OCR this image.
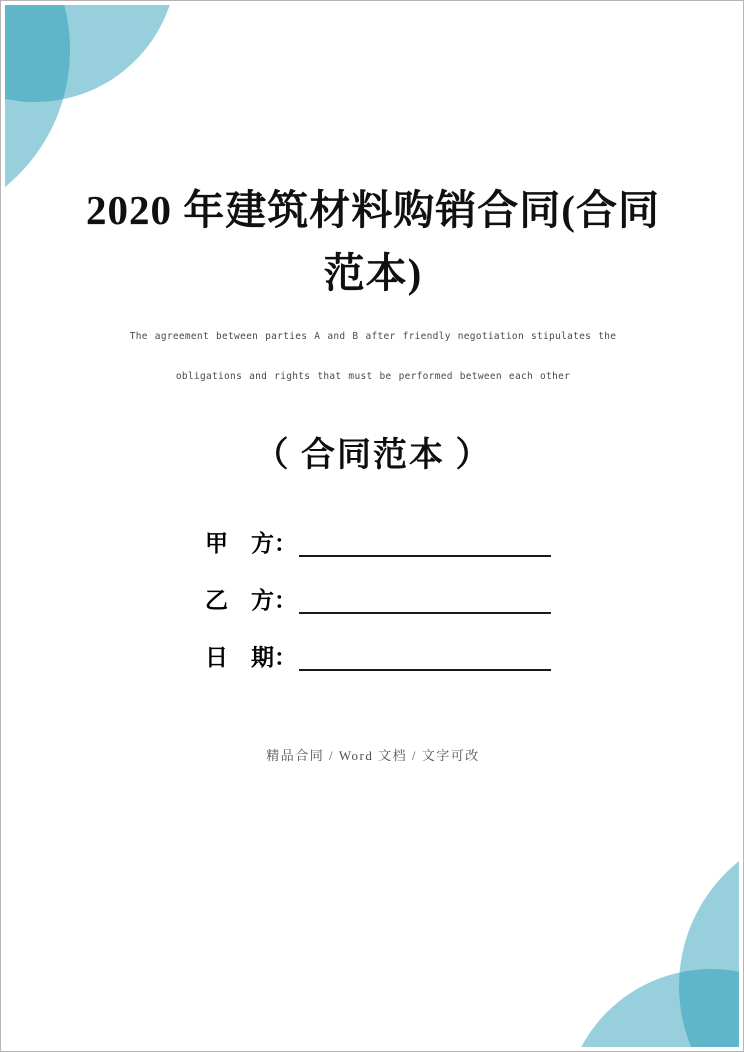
2020 年建筑材料购销合同(合同
范本)
The agreement between parties A and B after friendly negotiation stipulates the
obligations and rights that must be performed between each other
（ 合同范本 ）
甲　方：
乙　方：
日　期：
精品合同 / Word 文档 / 文字可改
